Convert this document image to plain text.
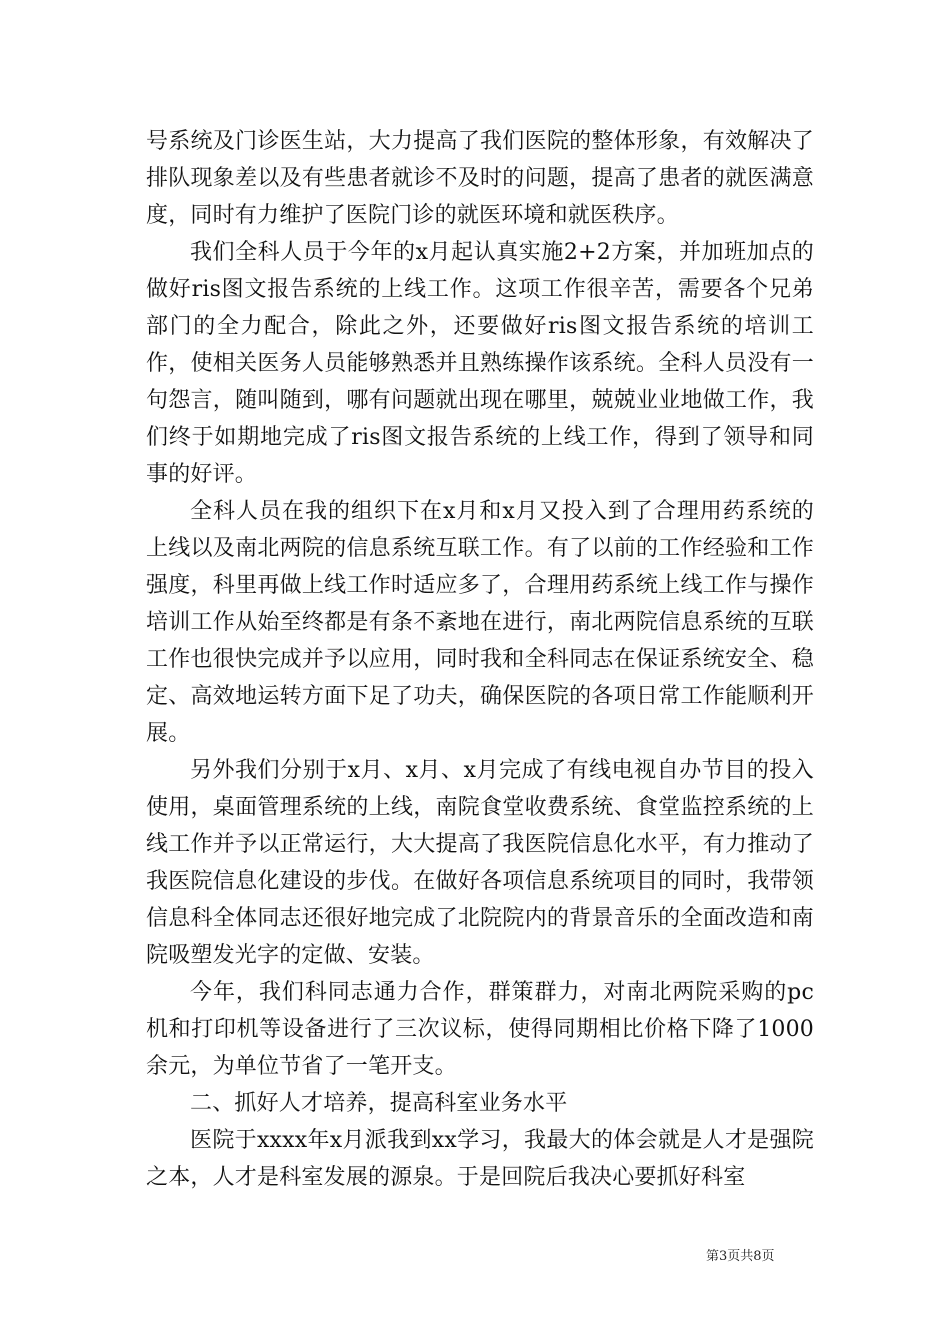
号系统及门诊医生站，大力提高了我们医院的整体形象，有效解决了排队现象差以及有些患者就诊不及时的问题，提高了患者的就医满意度，同时有力维护了医院门诊的就医环境和就医秩序。

我们全科人员于今年的x月起认真实施2+2方案，并加班加点的做好ris图文报告系统的上线工作。这项工作很辛苦，需要各个兄弟部门的全力配合，除此之外，还要做好ris图文报告系统的培训工作，使相关医务人员能够熟悉并且熟练操作该系统。全科人员没有一句怨言，随叫随到，哪有问题就出现在哪里，兢兢业业地做工作，我们终于如期地完成了ris图文报告系统的上线工作，得到了领导和同事的好评。

全科人员在我的组织下在x月和x月又投入到了合理用药系统的上线以及南北两院的信息系统互联工作。有了以前的工作经验和工作强度，科里再做上线工作时适应多了，合理用药系统上线工作与操作培训工作从始至终都是有条不紊地在进行，南北两院信息系统的互联工作也很快完成并予以应用，同时我和全科同志在保证系统安全、稳定、高效地运转方面下足了功夫，确保医院的各项日常工作能顺利开展。

另外我们分别于x月、x月、x月完成了有线电视自办节目的投入使用，桌面管理系统的上线，南院食堂收费系统、食堂监控系统的上线工作并予以正常运行，大大提高了我医院信息化水平，有力推动了我医院信息化建设的步伐。在做好各项信息系统项目的同时，我带领信息科全体同志还很好地完成了北院院内的背景音乐的全面改造和南院吸塑发光字的定做、安装。

今年，我们科同志通力合作，群策群力，对南北两院采购的pc机和打印机等设备进行了三次议标，使得同期相比价格下降了1000余元，为单位节省了一笔开支。

二、抓好人才培养，提高科室业务水平

医院于xxxx年x月派我到xx学习，我最大的体会就是人才是强院之本，人才是科室发展的源泉。于是回院后我决心要抓好科室

第3页共8页
